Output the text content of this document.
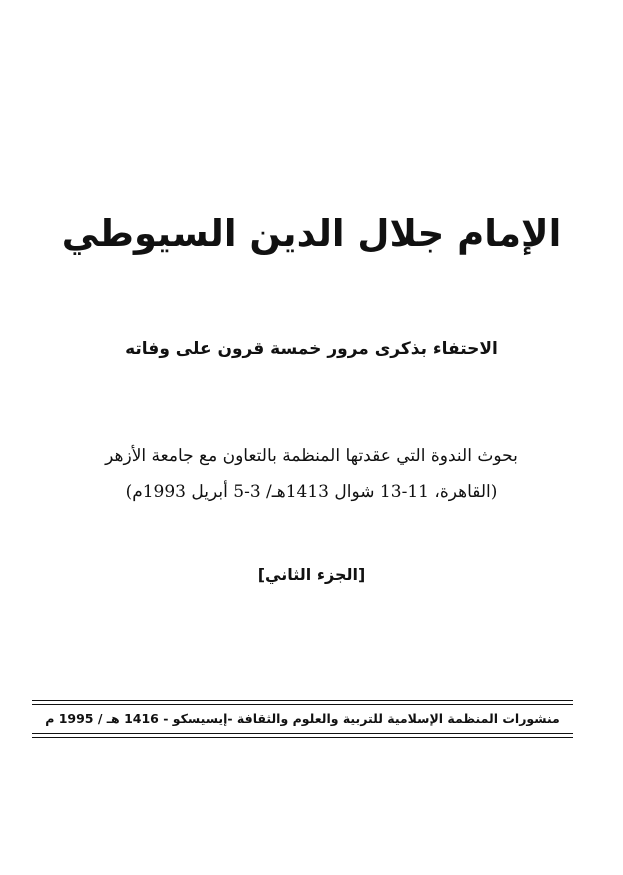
الإمام جلال الدين السيوطي
الاحتفاء بذكرى مرور خمسة قرون على وفاته
بحوث الندوة التي عقدتها المنظمة بالتعاون مع جامعة الأزهر
(القاهرة، 11-13 شوال 1413هـ/ 3-5 أبريل 1993م)
[الجزء الثاني]
منشورات المنظمة الإسلامية للتربية والعلوم والثقافة -إيسيسكو - 1416 هـ / 1995 م
